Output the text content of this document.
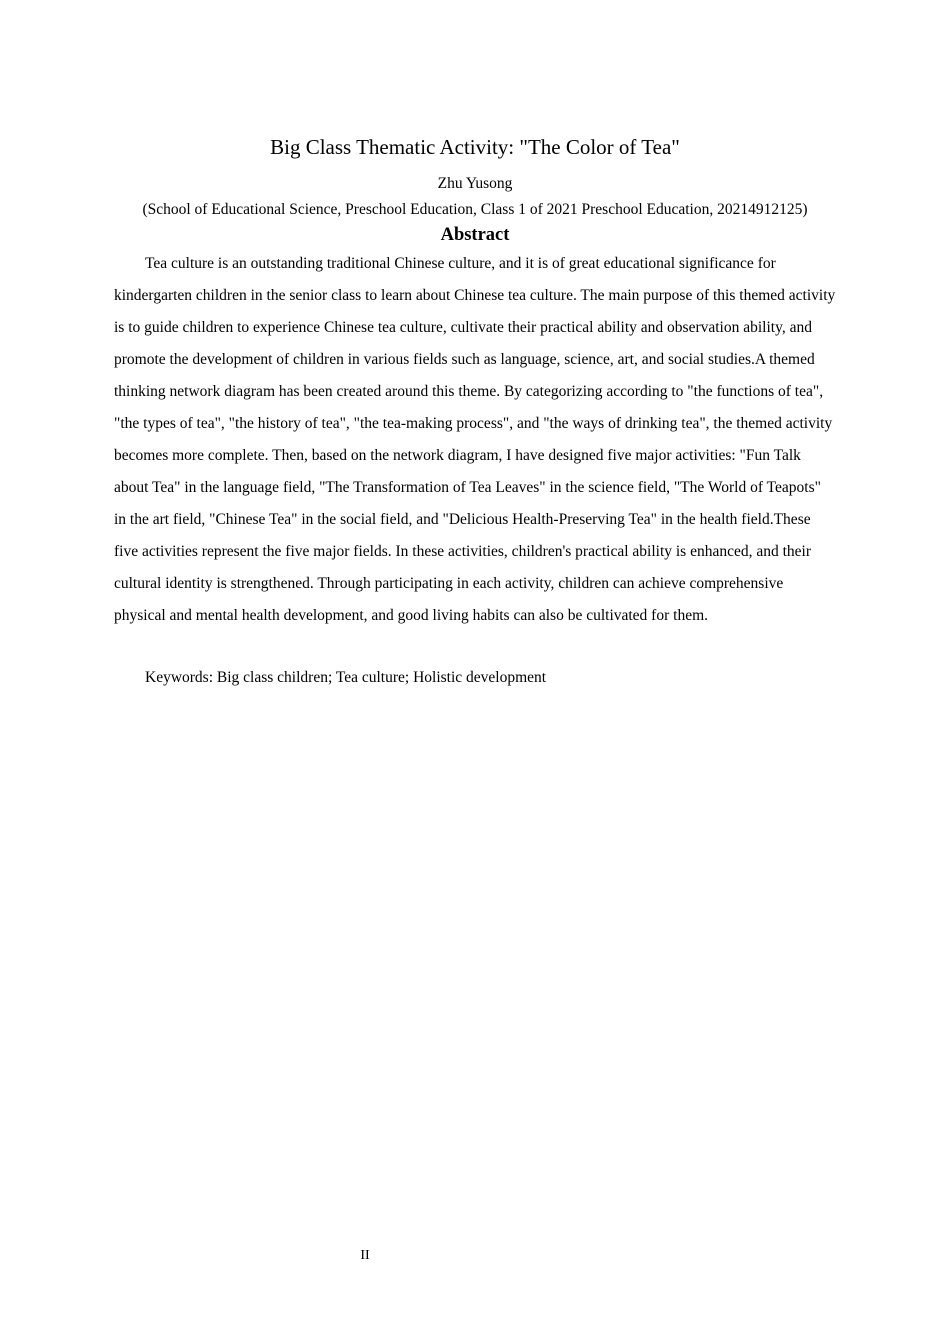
Big Class Thematic Activity: "The Color of Tea"
Zhu Yusong
(School of Educational Science, Preschool Education, Class 1 of 2021 Preschool Education, 20214912125)
Abstract

Tea culture is an outstanding traditional Chinese culture, and it is of great educational significance for kindergarten children in the senior class to learn about Chinese tea culture. The main purpose of this themed activity is to guide children to experience Chinese tea culture, cultivate their practical ability and observation ability, and promote the development of children in various fields such as language, science, art, and social studies.A themed thinking network diagram has been created around this theme. By categorizing according to "the functions of tea", "the types of tea", "the history of tea", "the tea-making process", and "the ways of drinking tea", the themed activity becomes more complete. Then, based on the network diagram, I have designed five major activities: "Fun Talk about Tea" in the language field, "The Transformation of Tea Leaves" in the science field, "The World of Teapots" in the art field, "Chinese Tea" in the social field, and "Delicious Health-Preserving Tea" in the health field.These five activities represent the five major fields. In these activities, children's practical ability is enhanced, and their cultural identity is strengthened. Through participating in each activity, children can achieve comprehensive physical and mental health development, and good living habits can also be cultivated for them.

Keywords: Big class children; Tea culture; Holistic development

II
